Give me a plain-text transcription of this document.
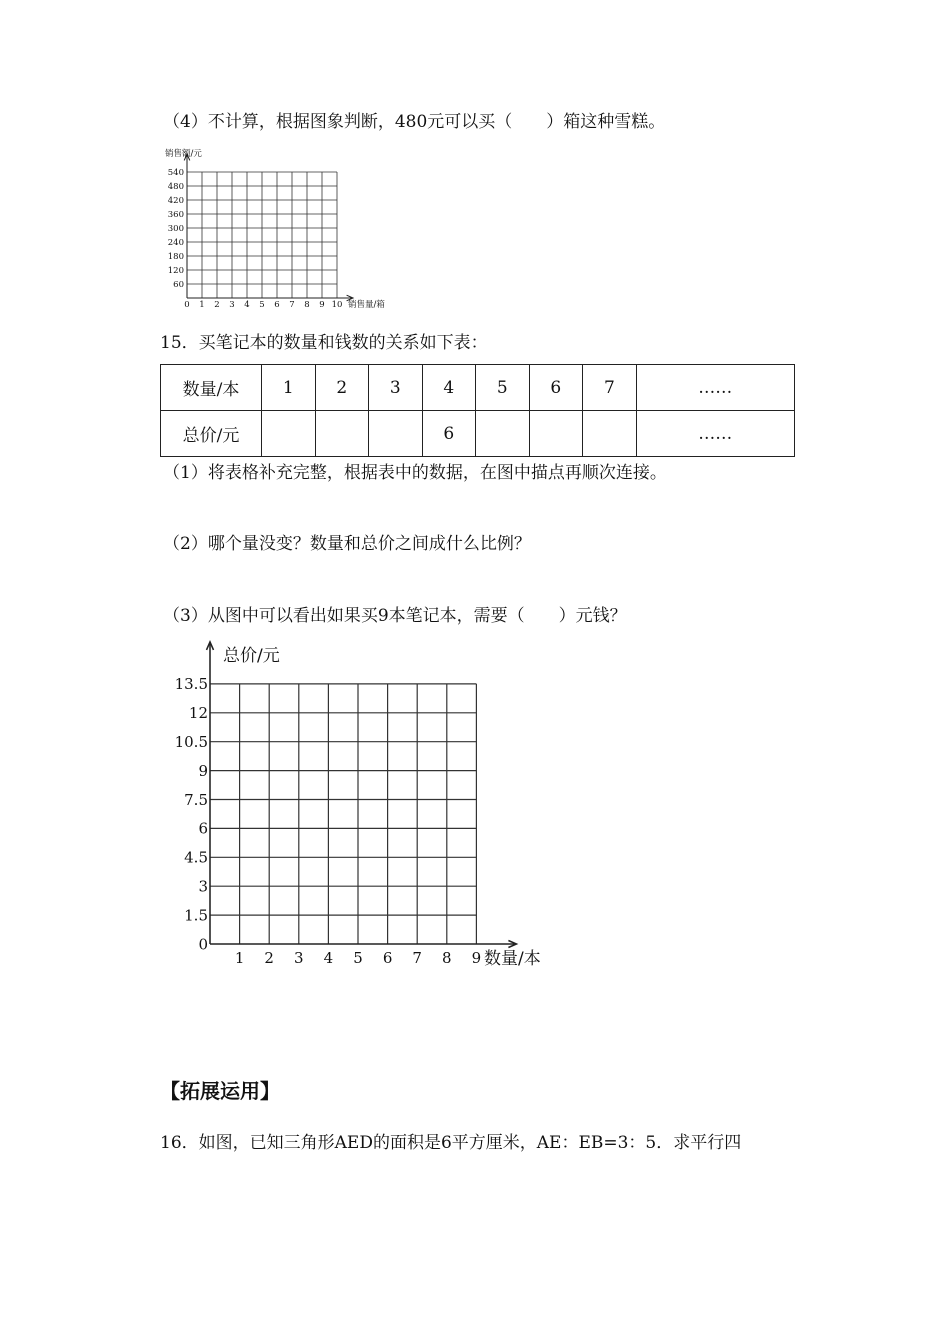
（4）不计算，根据图象判断，480元可以买（　　）箱这种雪糕。
60
120
180
240
300
360
420
480
540
0 1 2 3 4 5 6 7 8 9 10
销售额/元
销售量/箱
15．买笔记本的数量和钱数的关系如下表：
数量/本	1	2	3	4	5	6	7	……
总价/元				6				……
（1）将表格补充完整，根据表中的数据，在图中描点再顺次连接。
（2）哪个量没变？数量和总价之间成什么比例？
（3）从图中可以看出如果买9本笔记本，需要（　　）元钱？
1.5
3
4.5
6
7.5
9
10.5
12
13.5
1 2 3 4 5 6 7 8 9
0
总价/元
数量/本
【拓展运用】
16．如图，已知三角形AED的面积是6平方厘米，AE：EB=3：5．求平行四
